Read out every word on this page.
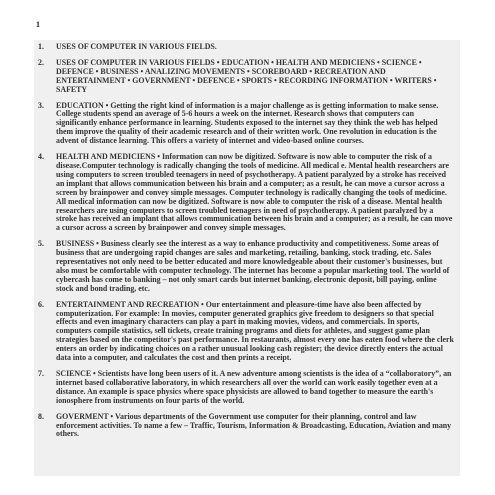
1
1.	USES OF COMPUTER IN VARIOUS FIELDS.
2.	USES OF COMPUTER IN VARIOUS FIELDS • EDUCATION • HEALTH AND MEDICIENS • SCIENCE • DEFENCE • BUSINESS • ANALIZING MOVEMENTS • SCOREBOARD • RECREATION AND ENTERTAINMENT • GOVERNMENT • DEFENCE • SPORTS • RECORDING INFORMATION • WRITERS • SAFETY
3.	EDUCATION • Getting the right kind of information is a major challenge as is getting information to make sense. College students spend an average of 5-6 hours a week on the internet. Research shows that computers can significantly enhance performance in learning. Students exposed to the internet say they think the web has helped them improve the quality of their academic research and of their written work. One revolution in education is the advent of distance learning. This offers a variety of internet and video-based online courses.
4.	HEALTH AND MEDICIENS • Information can now be digitized. Software is now able to computer the risk of a disease.Computer technology is radically changing the tools of medicine. All medical e. Mental health researchers are using computers to screen troubled teenagers in need of psychotherapy. A patient paralyzed by a stroke has received an implant that allows communication between his brain and a computer; as a result, he can move a cursor across a screen by brainpower and convey simple messages. Computer technology is radically changing the tools of medicine. All medical information can now be digitized. Software is now able to computer the risk of a disease. Mental health researchers are using computers to screen troubled teenagers in need of psychotherapy. A patient paralyzed by a stroke has received an implant that allows communication between his brain and a computer; as a result, he can move a cursor across a screen by brainpower and convey simple messages.
5.	BUSINESS • Business clearly see the interest as a way to enhance productivity and competitiveness. Some areas of business that are undergoing rapid changes are sales and marketing, retailing, banking, stock trading, etc. Sales representatives not only need to be better educated and more knowledgeable about their customer's businesses, but also must be comfortable with computer technology. The internet has become a popular marketing tool. The world of cybercash has come to banking – not only smart cards but internet banking, electronic deposit, bill paying, online stock and bond trading, etc.
6.	ENTERTAINMENT AND RECREATION • Our entertainment and pleasure-time have also been affected by computerization. For example: In movies, computer generated graphics give freedom to designers so that special effects and even imaginary characters can play a part in making movies, videos, and commercials. In sports, computers compile statistics, sell tickets, create training programs and diets for athletes, and suggest game plan strategies based on the competitor's past performance. In restaurants, almost every one has eaten food where the clerk enters an order by indicating choices on a rather unusual looking cash register; the device directly enters the actual data into a computer, and calculates the cost and then prints a receipt.
7.	SCIENCE • Scientists have long been users of it. A new adventure among scientists is the idea of a “collaboratory”, an internet based collaborative laboratory, in which researchers all over the world can work easily together even at a distance. An example is space physics where space physicists are allowed to band together to measure the earth's ionosphere from instruments on four parts of the world.
8.	GOVERMENT • Various departments of the Government use computer for their planning, control and law enforcement activities. To name a few – Traffic, Tourism, Information & Broadcasting, Education, Aviation and many others.
